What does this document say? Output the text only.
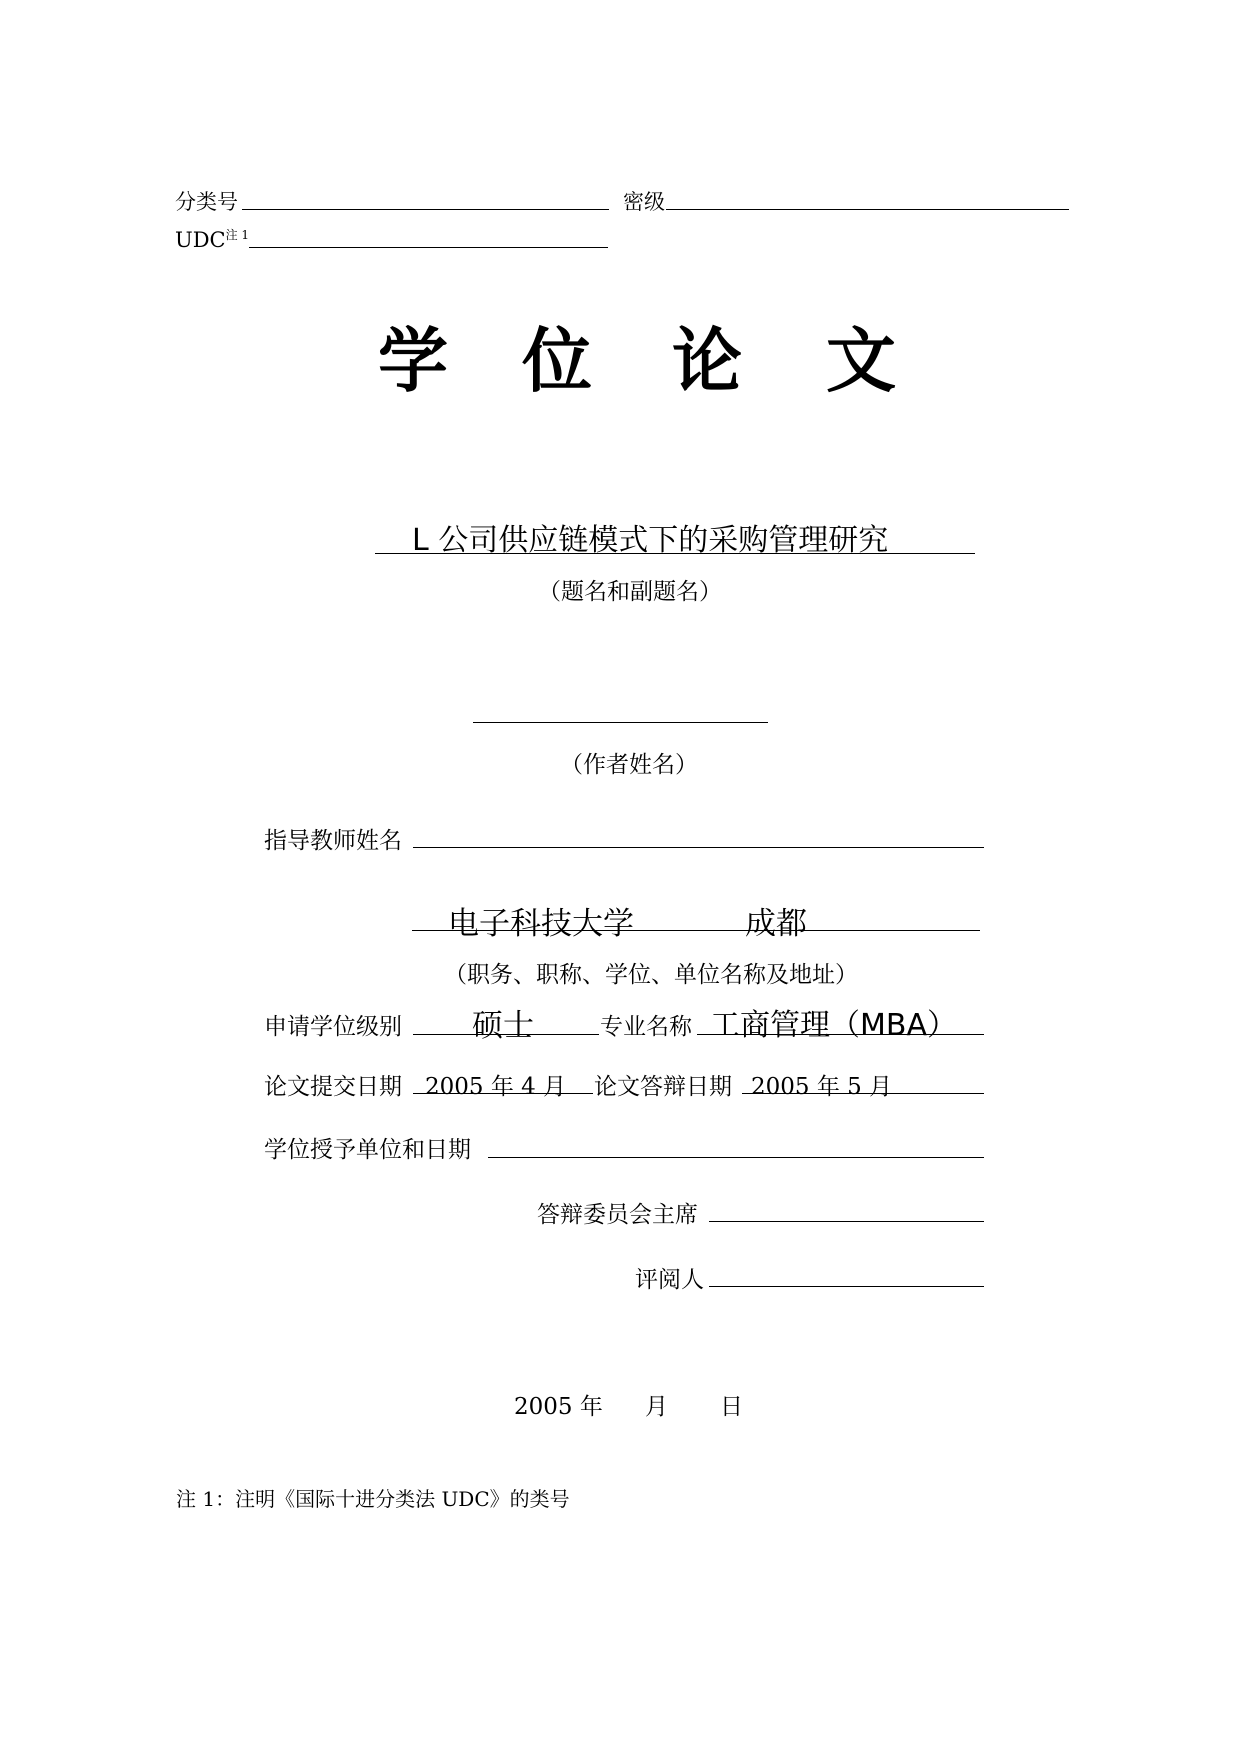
分类号	密级
$UDC^{注 1}$
学 位 论 文
L 公司供应链模式下的采购管理研究
（题名和副题名）
（作者姓名）
指导教师姓名
电子科技大学	成都
（职务、职称、学位、单位名称及地址）
申请学位级别 硕士	专业名称 工商管理（MBA）
论文提交日期 2005 年 4 月 论文答辩日期 2005 年 5 月
学位授予单位和日期
答辩委员会主席
评阅人
2005 年 月 日
注 1：注明《国际十进分类法 UDC》的类号
